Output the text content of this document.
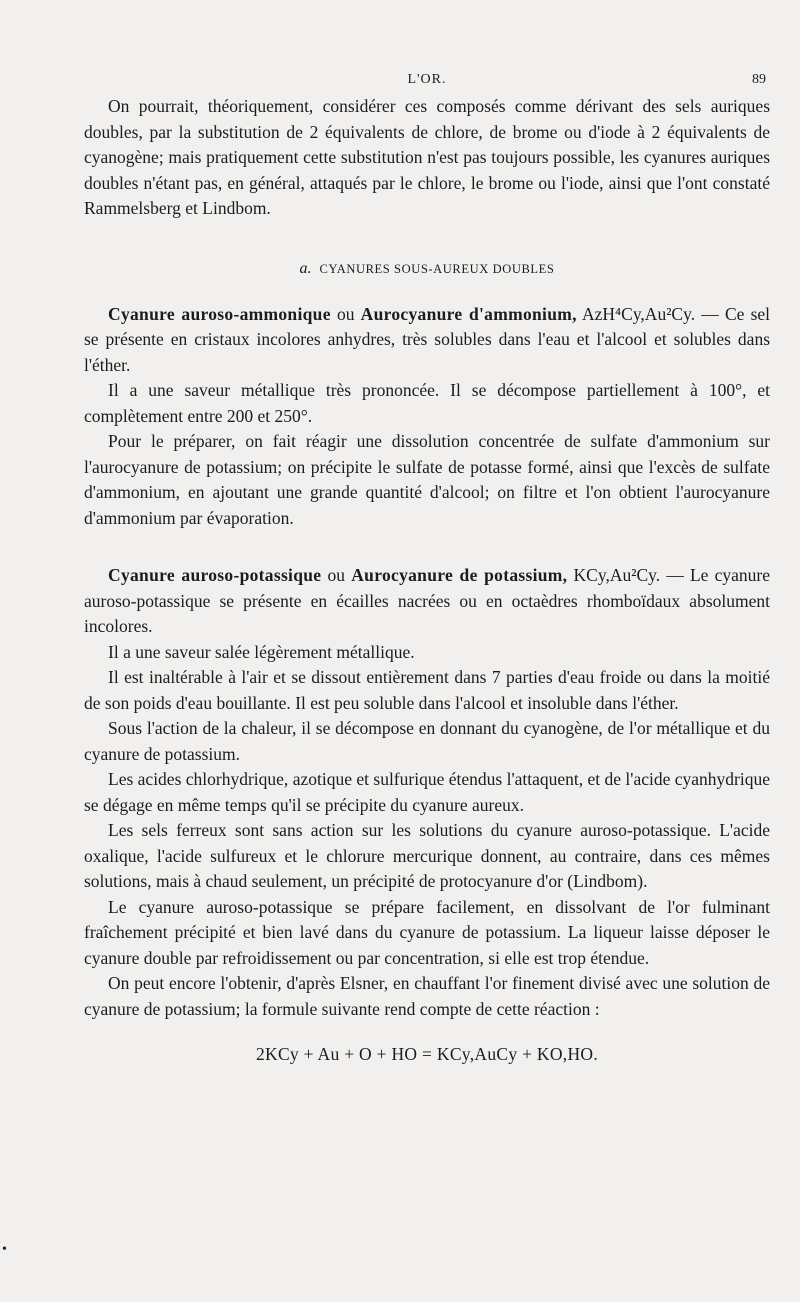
•
L'OR.	89

On pourrait, théoriquement, considérer ces composés comme dérivant des sels auriques doubles, par la substitution de 2 équivalents de chlore, de brome ou d'iode à 2 équivalents de cyanogène; mais pratiquement cette substitution n'est pas toujours possible, les cyanures auriques doubles n'étant pas, en général, attaqués par le chlore, le brome ou l'iode, ainsi que l'ont constaté Rammelsberg et Lindbom.

a. CYANURES SOUS-AUREUX DOUBLES

Cyanure auroso-ammonique ou Aurocyanure d'ammonium, AzH⁴Cy,Au²Cy. — Ce sel se présente en cristaux incolores anhydres, très solubles dans l'eau et l'alcool et solubles dans l'éther.

Il a une saveur métallique très prononcée. Il se décompose partiellement à 100°, et complètement entre 200 et 250°.

Pour le préparer, on fait réagir une dissolution concentrée de sulfate d'ammonium sur l'aurocyanure de potassium; on précipite le sulfate de potasse formé, ainsi que l'excès de sulfate d'ammonium, en ajoutant une grande quantité d'alcool; on filtre et l'on obtient l'aurocyanure d'ammonium par évaporation.

Cyanure auroso-potassique ou Aurocyanure de potassium, KCy,Au²Cy. — Le cyanure auroso-potassique se présente en écailles nacrées ou en octaèdres rhomboïdaux absolument incolores.

Il a une saveur salée légèrement métallique.

Il est inaltérable à l'air et se dissout entièrement dans 7 parties d'eau froide ou dans la moitié de son poids d'eau bouillante. Il est peu soluble dans l'alcool et insoluble dans l'éther.

Sous l'action de la chaleur, il se décompose en donnant du cyanogène, de l'or métallique et du cyanure de potassium.

Les acides chlorhydrique, azotique et sulfurique étendus l'attaquent, et de l'acide cyanhydrique se dégage en même temps qu'il se précipite du cyanure aureux.

Les sels ferreux sont sans action sur les solutions du cyanure auroso-potassique. L'acide oxalique, l'acide sulfureux et le chlorure mercurique donnent, au contraire, dans ces mêmes solutions, mais à chaud seulement, un précipité de protocyanure d'or (Lindbom).

Le cyanure auroso-potassique se prépare facilement, en dissolvant de l'or fulminant fraîchement précipité et bien lavé dans du cyanure de potassium. La liqueur laisse déposer le cyanure double par refroidissement ou par concentration, si elle est trop étendue.

On peut encore l'obtenir, d'après Elsner, en chauffant l'or finement divisé avec une solution de cyanure de potassium; la formule suivante rend compte de cette réaction :

2KCy + Au + O + HO = KCy,AuCy + KO,HO.
